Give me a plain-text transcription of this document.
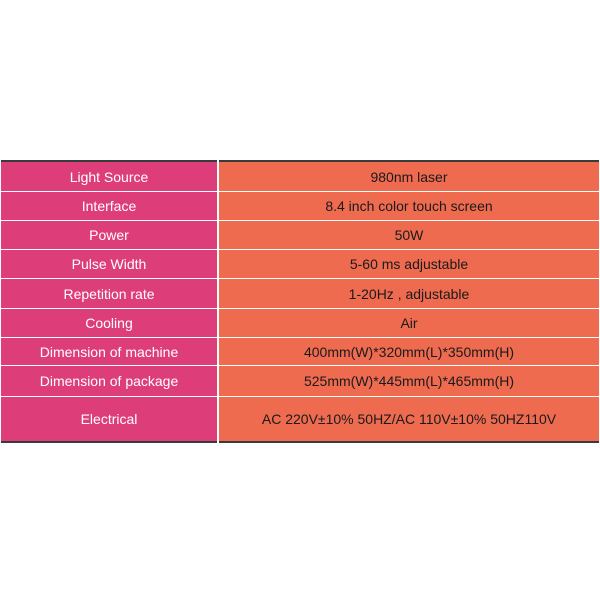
Light Source	980nm laser
Interface	8.4 inch color touch screen
Power	50W
Pulse Width	5-60 ms adjustable
Repetition rate	1-20Hz , adjustable
Cooling	Air
Dimension of machine	400mm(W)*320mm(L)*350mm(H)
Dimension of package	525mm(W)*445mm(L)*465mm(H)
Electrical	AC 220V±10% 50HZ/AC 110V±10% 50HZ110V
